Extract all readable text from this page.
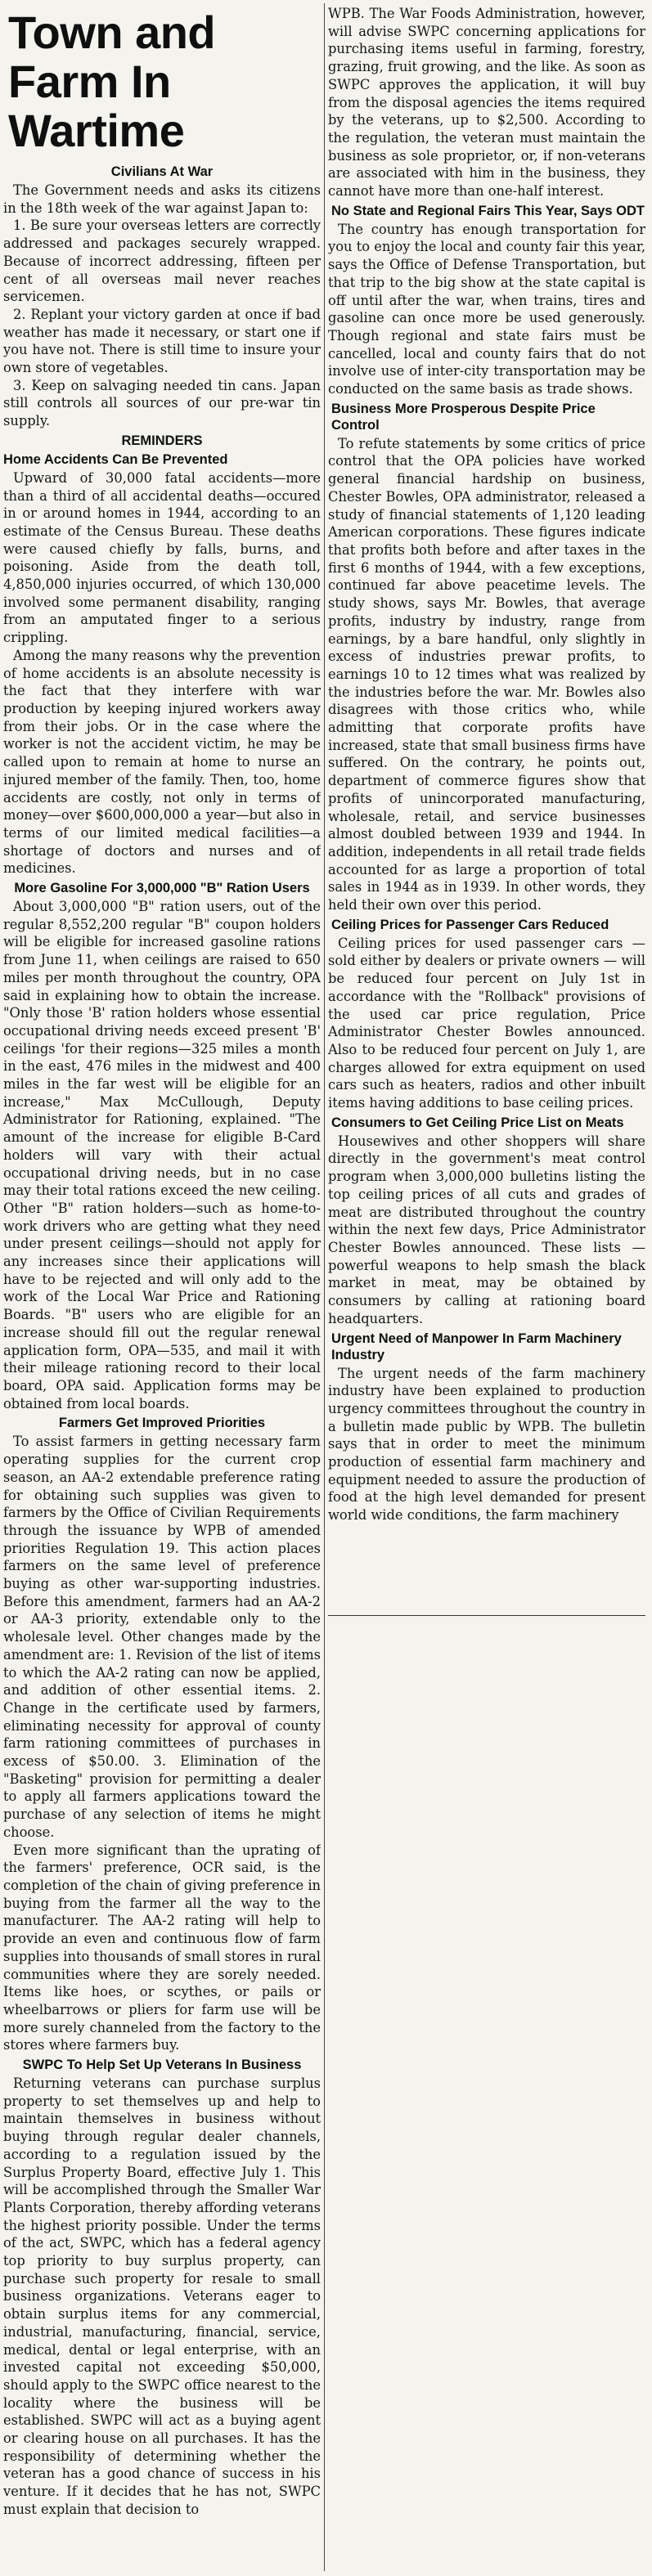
Town and Farm In Wartime
Civilians At War

The Government needs and asks its citizens in the 18th week of the war against Japan to:

1. Be sure your overseas letters are correctly addressed and packages securely wrapped. Because of incorrect addressing, fifteen per cent of all overseas mail never reaches servicemen.
2. Replant your victory garden at once if bad weather has made it necessary, or start one if you have not. There is still time to insure your own store of vegetables.
3. Keep on salvaging needed tin cans. Japan still controls all sources of our pre-war tin supply.
REMINDERS
Home Accidents Can Be Prevented

Upward of 30,000 fatal accidents—more than a third of all accidental deaths—occured in or around homes in 1944, according to an estimate of the Census Bureau. These deaths were caused chiefly by falls, burns, and poisoning. Aside from the death toll, 4,850,000 injuries occurred, of which 130,000 involved some permanent disability, ranging from an amputated finger to a serious crippling.

Among the many reasons why the prevention of home accidents is an absolute necessity is the fact that they interfere with war production by keeping injured workers away from their jobs. Or in the case where the worker is not the accident victim, he may be called upon to remain at home to nurse an injured member of the family. Then, too, home accidents are costly, not only in terms of money—over $600,000,000 a year—but also in terms of our limited medical facilities—a shortage of doctors and nurses and of medicines.

More Gasoline For 3,000,000 "B" Ration Users

About 3,000,000 "B" ration users, out of the regular 8,552,200 regular "B" coupon holders will be eligible for increased gasoline rations from June 11, when ceilings are raised to 650 miles per month throughout the country, OPA said in explaining how to obtain the increase. "Only those 'B' ration holders whose essential occupational driving needs exceed present 'B' ceilings 'for their regions—325 miles a month in the east, 476 miles in the midwest and 400 miles in the far west will be eligible for an increase," Max McCullough, Deputy Administrator for Rationing, explained. "The amount of the increase for eligible B-Card holders will vary with their actual occupational driving needs, but in no case may their total rations exceed the new ceiling. Other "B" ration holders—such as home-to-work drivers who are getting what they need under present ceilings—should not apply for any increases since their applications will have to be rejected and will only add to the work of the Local War Price and Rationing Boards. "B" users who are eligible for an increase should fill out the regular renewal application form, OPA—535, and mail it with their mileage rationing record to their local board, OPA said. Application forms may be obtained from local boards.

Farmers Get Improved Priorities

To assist farmers in getting necessary farm operating supplies for the current crop season, an AA-2 extendable preference rating for obtaining such supplies was given to farmers by the Office of Civilian Requirements through the issuance by WPB of amended priorities Regulation 19. This action places farmers on the same level of preference buying as other war-supporting industries. Before this amendment, farmers had an AA-2 or AA-3 priority, extendable only to the wholesale level. Other changes made by the amendment are: 1. Revision of the list of items to which the AA-2 rating can now be applied, and addition of other essential items. 2. Change in the certificate used by farmers, eliminating necessity for approval of county farm rationing committees of purchases in excess of $50.00. 3. Elimination of the "Basketing" provision for permitting a dealer to apply all farmers applications toward the purchase of any selection of items he might choose.

Even more significant than the uprating of the farmers' preference, OCR said, is the completion of the chain of giving preference in buying from the farmer all the way to the manufacturer. The AA-2 rating will help to provide an even and continuous flow of farm supplies into thousands of small stores in rural communities where they are sorely needed. Items like hoes, or scythes, or pails or wheelbarrows or pliers for farm use will be more surely channeled from the factory to the stores where farmers buy.

SWPC To Help Set Up Veterans In Business

Returning veterans can purchase surplus property to set themselves up and help to maintain themselves in business without buying through regular dealer channels, according to a regulation issued by the Surplus Property Board, effective July 1. This will be accomplished through the Smaller War Plants Corporation, thereby affording veterans the highest priority possible. Under the terms of the act, SWPC, which has a federal agency top priority to buy surplus property, can purchase such property for resale to small business organizations. Veterans eager to obtain surplus items for any commercial, industrial, manufacturing, financial, service, medical, dental or legal enterprise, with an invested capital not exceeding $50,000, should apply to the SWPC office nearest to the locality where the business will be established. SWPC will act as a buying agent or clearing house on all purchases. It has the responsibility of determining whether the veteran has a good chance of success in his venture. If it decides that he has not, SWPC must explain that decision to

WPB. The War Foods Administration, however, will advise SWPC concerning applications for purchasing items useful in farming, forestry, grazing, fruit growing, and the like. As soon as SWPC approves the application, it will buy from the disposal agencies the items required by the veterans, up to $2,500. According to the regulation, the veteran must maintain the business as sole proprietor, or, if non-veterans are associated with him in the business, they cannot have more than one-half interest.

No State and Regional Fairs This Year, Says ODT

The country has enough transportation for you to enjoy the local and county fair this year, says the Office of Defense Transportation, but that trip to the big show at the state capital is off until after the war, when trains, tires and gasoline can once more be used generously. Though regional and state fairs must be cancelled, local and county fairs that do not involve use of inter-city transportation may be conducted on the same basis as trade shows.

Business More Prosperous Despite Price Control

To refute statements by some critics of price control that the OPA policies have worked general financial hardship on business, Chester Bowles, OPA administrator, released a study of financial statements of 1,120 leading American corporations. These figures indicate that profits both before and after taxes in the first 6 months of 1944, with a few exceptions, continued far above peacetime levels. The study shows, says Mr. Bowles, that average profits, industry by industry, range from earnings, by a bare handful, only slightly in excess of industries prewar profits, to earnings 10 to 12 times what was realized by the industries before the war. Mr. Bowles also disagrees with those critics who, while admitting that corporate profits have increased, state that small business firms have suffered. On the contrary, he points out, department of commerce figures show that profits of unincorporated manufacturing, wholesale, retail, and service businesses almost doubled between 1939 and 1944. In addition, independents in all retail trade fields accounted for as large a proportion of total sales in 1944 as in 1939. In other words, they held their own over this period.

Ceiling Prices for Passenger Cars Reduced

Ceiling prices for used passenger cars — sold either by dealers or private owners — will be reduced four percent on July 1st in accordance with the "Rollback" provisions of the used car price regulation, Price Administrator Chester Bowles announced. Also to be reduced four percent on July 1, are charges allowed for extra equipment on used cars such as heaters, radios and other inbuilt items having additions to base ceiling prices.

Consumers to Get Ceiling Price List on Meats

Housewives and other shoppers will share directly in the government's meat control program when 3,000,000 bulletins listing the top ceiling prices of all cuts and grades of meat are distributed throughout the country within the next few days, Price Administrator Chester Bowles announced. These lists —powerful weapons to help smash the black market in meat, may be obtained by consumers by calling at rationing board headquarters.

Urgent Need of Manpower In Farm Machinery Industry

The urgent needs of the farm machinery industry have been explained to production urgency committees throughout the country in a bulletin made public by WPB. The bulletin says that in order to meet the minimum production of essential farm machinery and equipment needed to assure the production of food at the high level demanded for present world wide conditions, the farm machinery
